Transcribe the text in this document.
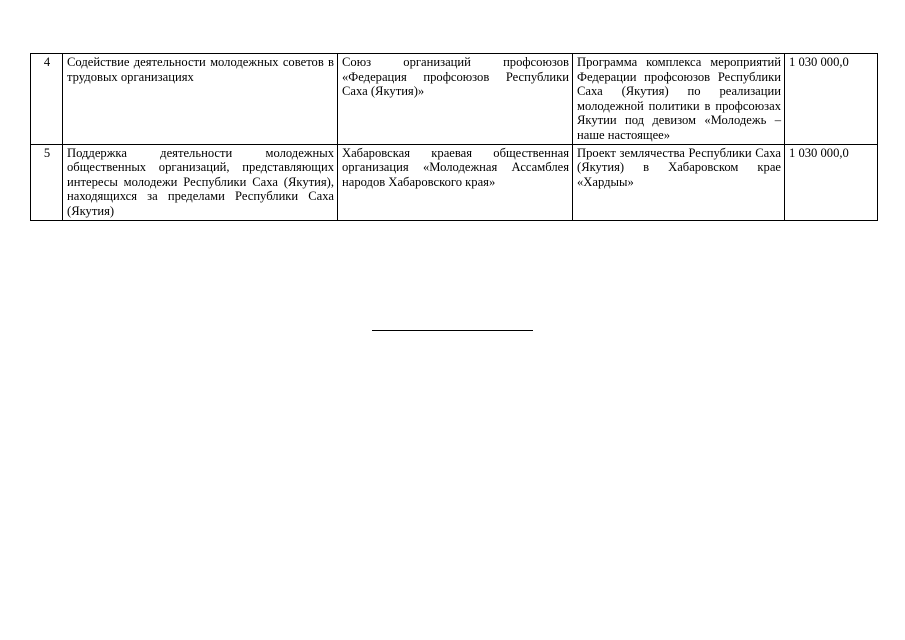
4	Содействие деятельности молодежных советов в трудовых организациях	Союз организаций профсоюзов «Федерация профсоюзов Республики Саха (Якутия)»	Программа комплекса мероприятий Федерации профсоюзов Республики Саха (Якутия) по реализации молодежной политики в профсоюзах Якутии под девизом «Молодежь – наше настоящее»	1 030 000,0
5	Поддержка деятельности молодежных общественных организаций, представляющих интересы молодежи Республики Саха (Якутия), находящихся за пределами Республики Саха (Якутия)	Хабаровская краевая общественная организация «Молодежная Ассамблея народов Хабаровского края»	Проект землячества Республики Саха (Якутия) в Хабаровском крае «Хардыы»	1 030 000,0
